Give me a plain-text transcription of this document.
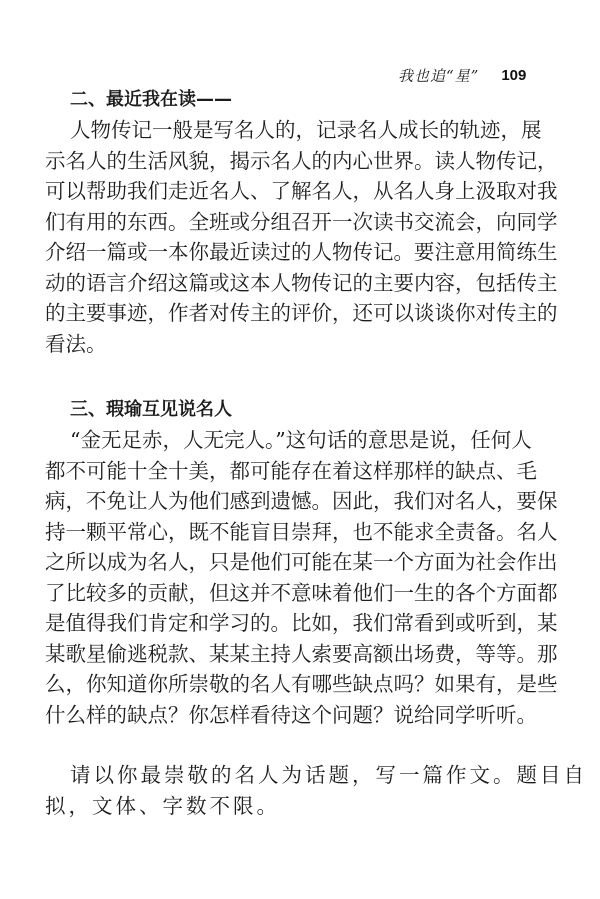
我也追“星” 109
二、最近我在读——
人物传记一般是写名人的，记录名人成长的轨迹，展
示名人的生活风貌，揭示名人的内心世界。读人物传记，
可以帮助我们走近名人、了解名人，从名人身上汲取对我
们有用的东西。全班或分组召开一次读书交流会，向同学
介绍一篇或一本你最近读过的人物传记。要注意用简练生
动的语言介绍这篇或这本人物传记的主要内容，包括传主
的主要事迹，作者对传主的评价，还可以谈谈你对传主的
看法。
三、瑕瑜互见说名人
“金无足赤，人无完人。”这句话的意思是说，任何人
都不可能十全十美，都可能存在着这样那样的缺点、毛
病，不免让人为他们感到遗憾。因此，我们对名人，要保
持一颗平常心，既不能盲目崇拜，也不能求全责备。名人
之所以成为名人，只是他们可能在某一个方面为社会作出
了比较多的贡献，但这并不意味着他们一生的各个方面都
是值得我们肯定和学习的。比如，我们常看到或听到，某
某歌星偷逃税款、某某主持人索要高额出场费，等等。那
么，你知道你所崇敬的名人有哪些缺点吗？如果有，是些
什么样的缺点？你怎样看待这个问题？说给同学听听。
请以你最崇敬的名人为话题，写一篇作文。题目自
拟，文体、字数不限。
